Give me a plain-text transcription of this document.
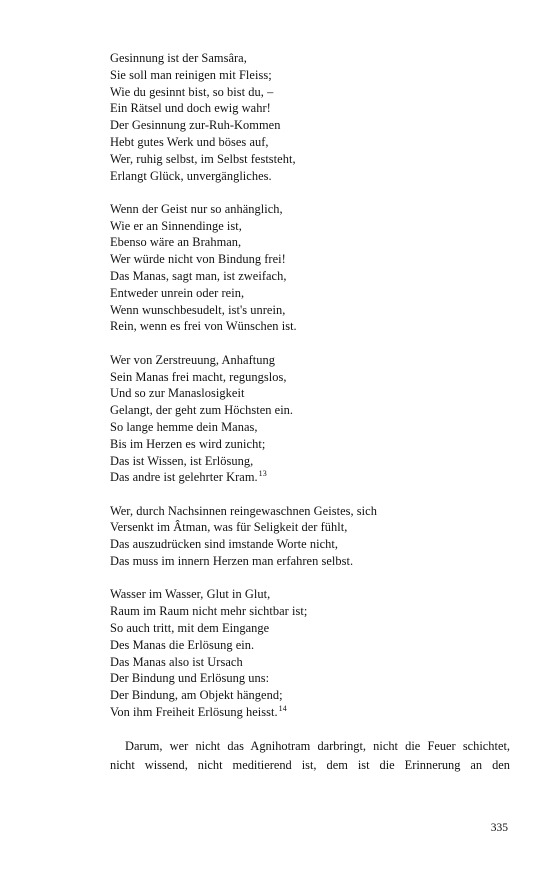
Gesinnung ist der Samsâra,
Sie soll man reinigen mit Fleiss;
Wie du gesinnt bist, so bist du, –
Ein Rätsel und doch ewig wahr!
Der Gesinnung zur-Ruh-Kommen
Hebt gutes Werk und böses auf,
Wer, ruhig selbst, im Selbst feststeht,
Erlangt Glück, unvergängliches.
Wenn der Geist nur so anhänglich,
Wie er an Sinnendinge ist,
Ebenso wäre an Brahman,
Wer würde nicht von Bindung frei!
Das Manas, sagt man, ist zweifach,
Entweder unrein oder rein,
Wenn wunschbesudelt, ist's unrein,
Rein, wenn es frei von Wünschen ist.
Wer von Zerstreuung, Anhaftung
Sein Manas frei macht, regungslos,
Und so zur Manaslosigkeit
Gelangt, der geht zum Höchsten ein.
So lange hemme dein Manas,
Bis im Herzen es wird zunicht;
Das ist Wissen, ist Erlösung,
Das andre ist gelehrter Kram.$^{13}$
Wer, durch Nachsinnen reingewaschnen Geistes, sich
Versenkt im Âtman, was für Seligkeit der fühlt,
Das auszudrücken sind imstande Worte nicht,
Das muss im innern Herzen man erfahren selbst.
Wasser im Wasser, Glut in Glut,
Raum im Raum nicht mehr sichtbar ist;
So auch tritt, mit dem Eingange
Des Manas die Erlösung ein.
Das Manas also ist Ursach
Der Bindung und Erlösung uns:
Der Bindung, am Objekt hängend;
Von ihm Freiheit Erlösung heisst.$^{14}$
Darum, wer nicht das Agnihotram darbringt, nicht die Feuer schichtet,
nicht wissend, nicht meditierend ist, dem ist die Erinnerung an den
335
